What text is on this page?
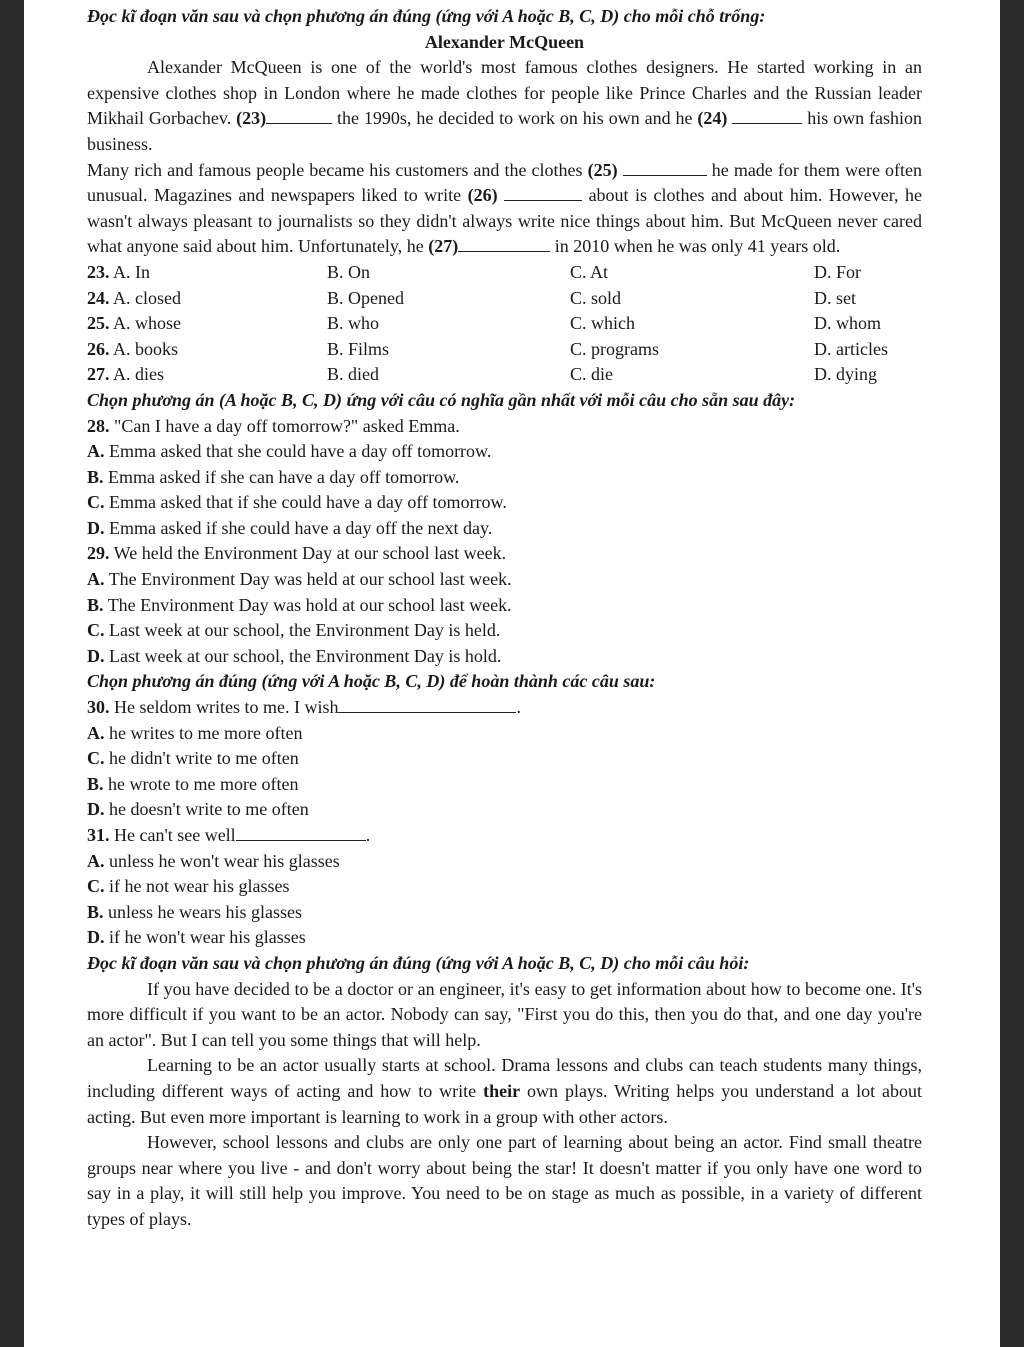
Đọc kĩ đoạn văn sau và chọn phương án đúng (ứng với A hoặc B, C, D) cho mỗi chỗ trống:
Alexander McQueen
Alexander McQueen is one of the world's most famous clothes designers. He started working in an expensive clothes shop in London where he made clothes for people like Prince Charles and the Russian leader Mikhail Gorbachev. (23)	the 1990s, he decided to work on his own and he (24)	his own fashion business.
Many rich and famous people became his customers and the clothes (25)	he made for them were often unusual. Magazines and newspapers liked to write (26)	about is clothes and about him. However, he wasn't always pleasant to journalists so they didn't always write nice things about him. But McQueen never cared what anyone said about him. Unfortunately, he (27)	in 2010 when he was only 41 years old.
23. A. In	B. On	C. At	D. For
24. A. closed	B. Opened	C. sold	D. set
25. A. whose	B. who	C. which	D. whom
26. A. books	B. Films	C. programs	D. articles
27. A. dies	B. died	C. die	D. dying
Chọn phương án (A hoặc B, C, D) ứng với câu có nghĩa gần nhất với mỗi câu cho sẵn sau đây:
28. "Can I have a day off tomorrow?" asked Emma.
A. Emma asked that she could have a day off tomorrow.
B. Emma asked if she can have a day off tomorrow.
C. Emma asked that if she could have a day off tomorrow.
D. Emma asked if she could have a day off the next day.
29. We held the Environment Day at our school last week.
A. The Environment Day was held at our school last week.
B. The Environment Day was hold at our school last week.
C. Last week at our school, the Environment Day is held.
D. Last week at our school, the Environment Day is hold.
Chọn phương án đúng (ứng với A hoặc B, C, D) để hoàn thành các câu sau:
30. He seldom writes to me. I wish	.
A. he writes to me more often
C. he didn't write to me often
B. he wrote to me more often
D. he doesn't write to me often
31. He can't see well	.
A. unless he won't wear his glasses
C. if he not wear his glasses
B. unless he wears his glasses
D. if he won't wear his glasses
Đọc kĩ đoạn văn sau và chọn phương án đúng (ứng với A hoặc B, C, D) cho mỗi câu hỏi:
If you have decided to be a doctor or an engineer, it's easy to get information about how to become one. It's more difficult if you want to be an actor. Nobody can say, "First you do this, then you do that, and one day you're an actor". But I can tell you some things that will help.
Learning to be an actor usually starts at school. Drama lessons and clubs can teach students many things, including different ways of acting and how to write their own plays. Writing helps you understand a lot about acting. But even more important is learning to work in a group with other actors.
However, school lessons and clubs are only one part of learning about being an actor. Find small theatre groups near where you live - and don't worry about being the star! It doesn't matter if you only have one word to say in a play, it will still help you improve. You need to be on stage as much as possible, in a variety of different types of plays.
